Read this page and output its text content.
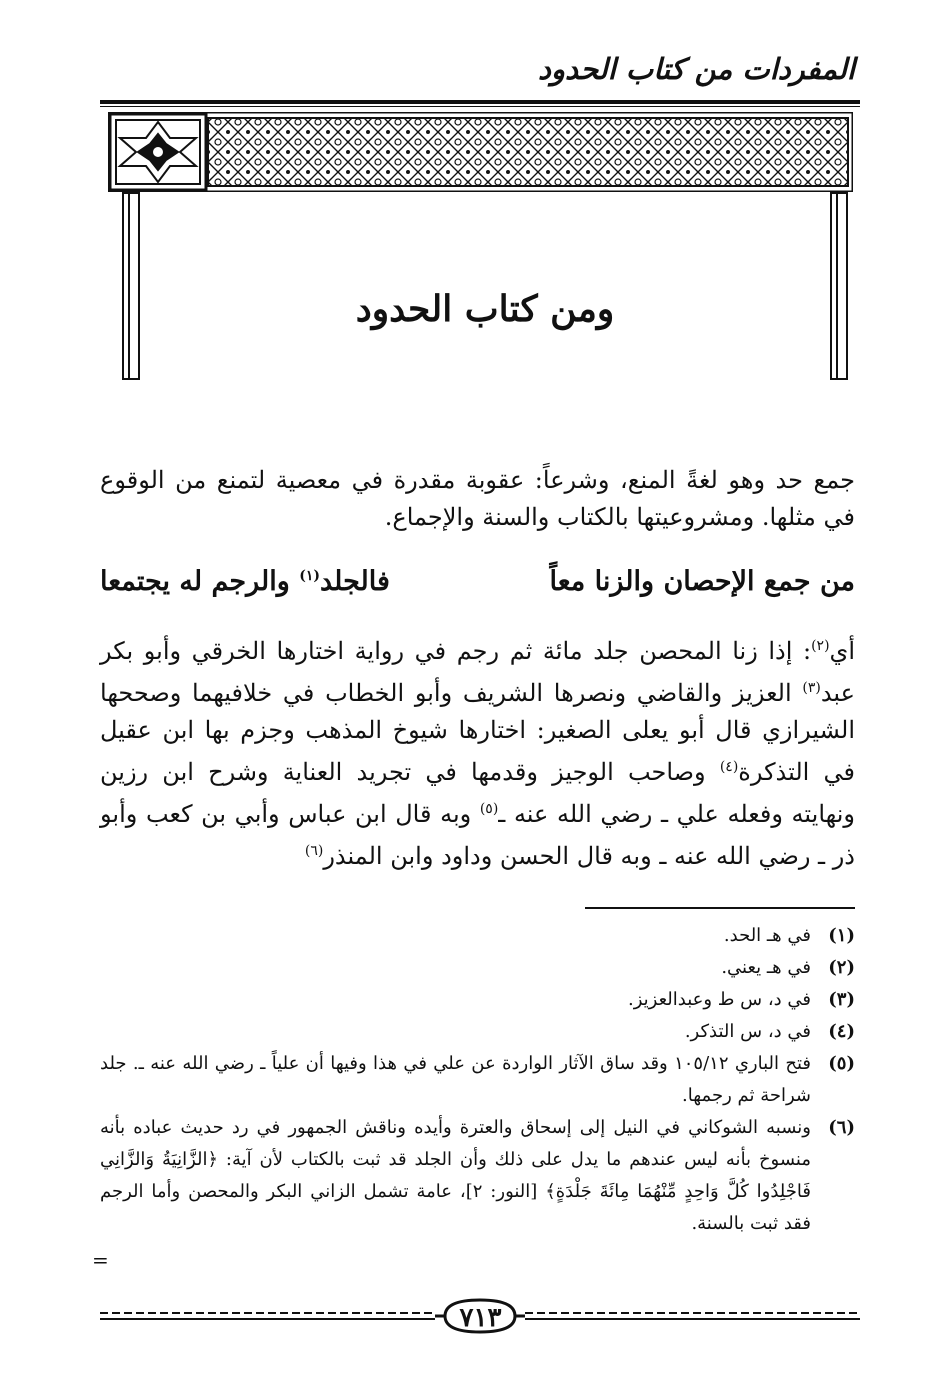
المفردات من كتاب الحدود
ومن كتاب الحدود
جمع حد وهو لغةً المنع، وشرعاً: عقوبة مقدرة في معصية لتمنع من الوقوع في مثلها. ومشروعيتها بالكتاب والسنة والإجماع.
من جمع الإحصان والزنا معاً
فالجلد$^{(١)}$ والرجم له يجتمعا
أي$^{(٢)}$: إذا زنا المحصن جلد مائة ثم رجم في رواية اختارها الخرقي وأبو بكر عبد$^{(٣)}$ العزيز والقاضي ونصرها الشريف وأبو الخطاب في خلافيهما وصححها الشيرازي قال أبو يعلى الصغير: اختارها شيوخ المذهب وجزم بها ابن عقيل في التذكرة$^{(٤)}$ وصاحب الوجيز وقدمها في تجريد العناية وشرح ابن رزين ونهايته وفعله علي ـ رضي الله عنه ـ$^{(٥)}$ وبه قال ابن عباس وأبي بن كعب وأبو ذر ـ رضي الله عنه ـ وبه قال الحسن وداود وابن المنذر$^{(٦)}$
(١)
في هـ الحد.
(٢)
في هـ يعني.
(٣)
في د، س ط وعبدالعزيز.
(٤)
في د، س التذكر.
(٥)
فتح الباري ١٠٥/١٢ وقد ساق الآثار الواردة عن علي في هذا وفيها أن علياً ـ رضي الله عنه ـ. جلد شراحة ثم رجمها.
(٦)
ونسبه الشوكاني في النيل إلى إسحاق والعترة وأيده وناقش الجمهور في رد حديث عباده بأنه منسوخ بأنه ليس عندهم ما يدل على ذلك وأن الجلد قد ثبت بالكتاب لأن آية: ﴿الزَّانِيَةُ وَالزَّانِي فَاجْلِدُوا كُلَّ وَاحِدٍ مِّنْهُمَا مِائَةَ جَلْدَةٍ﴾ [النور: ٢]، عامة تشمل الزاني البكر والمحصن وأما الرجم فقد ثبت بالسنة.
=
٧١٣
